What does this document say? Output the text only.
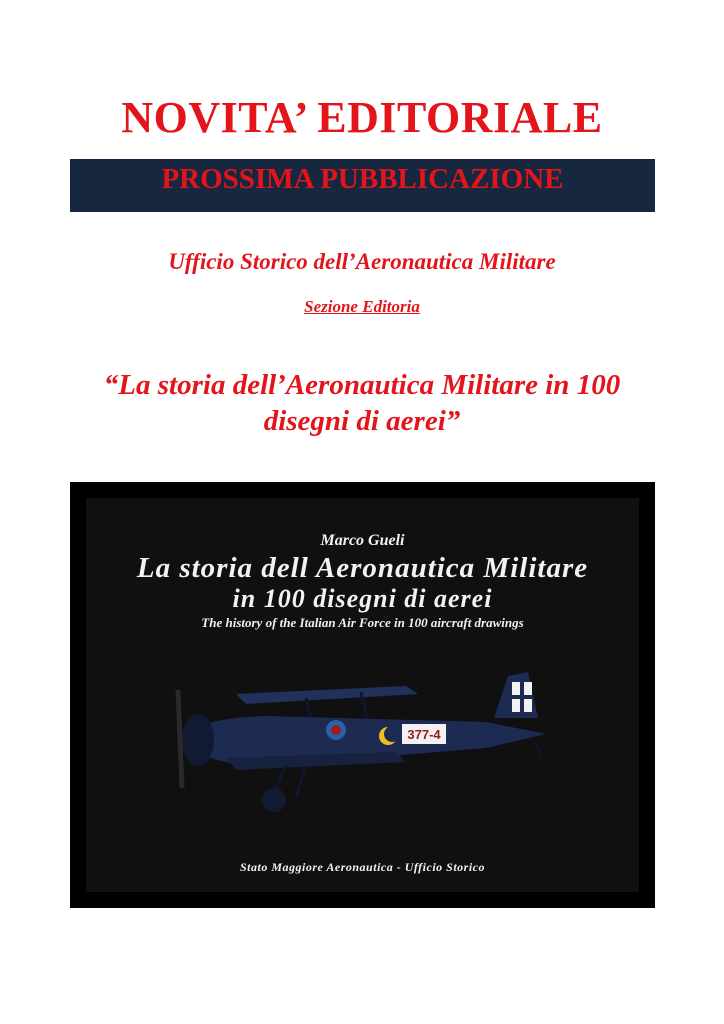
NOVITA’ EDITORIALE
PROSSIMA PUBBLICAZIONE
Ufficio Storico dell’Aeronautica Militare
Sezione Editoria
“La storia dell’Aeronautica Militare in 100
disegni di aerei”
Marco Gueli
La storia dell Aeronautica Militare
in 100 disegni di aerei
The history of the Italian Air Force in 100 aircraft drawings
377-4
Stato Maggiore Aeronautica - Ufficio Storico
